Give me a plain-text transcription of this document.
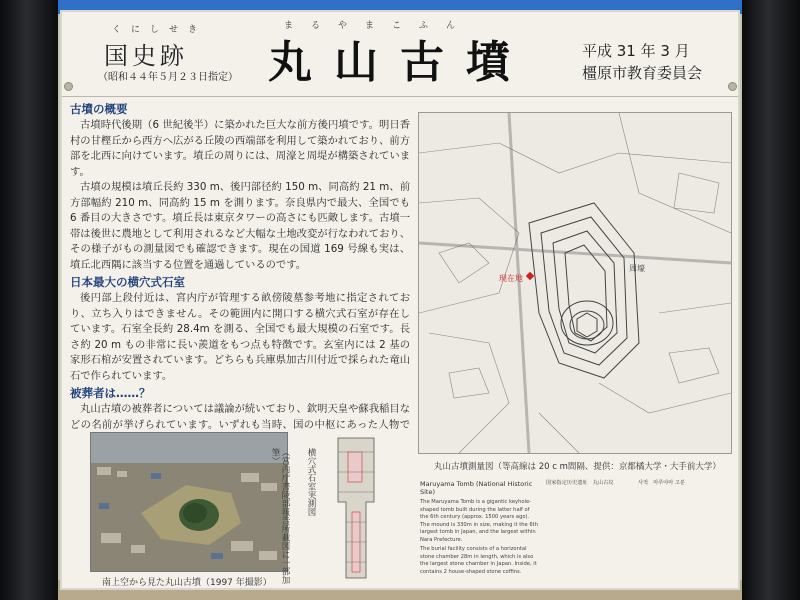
くにしせき
国史跡
（昭和４４年５月２３日指定）
まるやまこふん
丸山古墳	平成 31 年 3 月
橿原市教育委員会
古墳の概要

古墳時代後期（6 世紀後半）に築かれた巨大な前方後円墳です。明日香村の甘樫丘から西方へ広がる丘陵の西端部を利用して築かれており、前方部を北西に向けています。墳丘の周りには、周濠と周堤が構築されています。

古墳の規模は墳丘長約 330 m、後円部径約 150 m、同高約 21 m、前方部幅約 210 m、同高約 15 m を測ります。奈良県内で最大、全国でも 6 番目の大きさです。墳丘長は東京タワーの高さにも匹敵します。古墳一帯は後世に農地として利用されるなど大幅な土地改変が行なわれており、その様子がもの測量図でも確認できます。現在の国道 169 号線も実は、墳丘北西隅に該当する位置を通過しているのです。

日本最大の横穴式石室

後円部上段付近は、宮内庁が管理する畝傍陵墓参考地に指定されており、立ち入りはできません。その範囲内に開口する横穴式石室が存在しています。石室全長約 28.4m を測る、全国でも最大規模の石室です。長さ約 20 m もの非常に長い羨道をもつ点も特徴です。玄室内には 2 基の家形石棺が安置されています。どちらも兵庫県加古川付近で採られた竜山石で作られています。

被葬者は……？

丸山古墳の被葬者については議論が続いており、欽明天皇や蘇我稲目などの名前が挙げられています。いずれも当時、国の中枢にあった人物で

現在地
周壕
丸山古墳測量図（等高線は 20 c m間隔、提供：京都橘大学・大手前大学）
Maruyama Tomb (National Historic Site)
The Maruyama Tomb is a gigantic keyhole-shaped tomb built during the latter half of the 6th century (approx. 1500 years ago). The mound is 330m in size, making it the 6th largest tomb in Japan, and the largest within Nara Prefecture.
The burial facility consists of a horizontal stone chamber 28m in length, which is also the largest stone chamber in Japan. Inside, it contains 2 house-shaped stone coffins.
国家指定历史遗址　丸山古坟	사적　마루야마 고분
南上空から見た丸山古墳（1997 年撮影） （宮内庁書陵部報告所載図に一部加筆）	横穴式石室実測図
